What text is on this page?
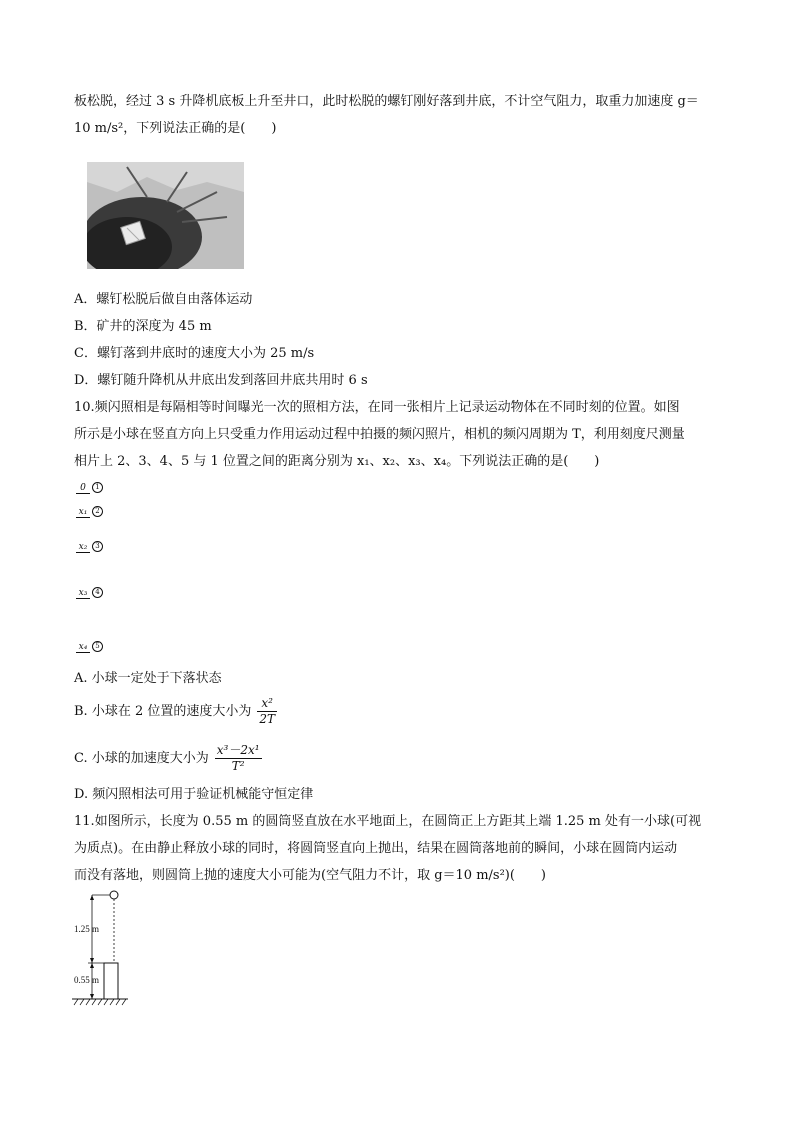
板松脱，经过 3 s 升降机底板上升至井口，此时松脱的螺钉刚好落到井底，不计空气阻力，取重力加速度 g＝
10 m/s²，下列说法正确的是(　　)
A．螺钉松脱后做自由落体运动
B．矿井的深度为 45 m
C．螺钉落到井底时的速度大小为 25 m/s
D．螺钉随升降机从井底出发到落回井底共用时 6 s
10.频闪照相是每隔相等时间曝光一次的照相方法，在同一张相片上记录运动物体在不同时刻的位置。如图
所示是小球在竖直方向上只受重力作用运动过程中拍摄的频闪照片，相机的频闪周期为 T，利用刻度尺测量
相片上 2、3、4、5 与 1 位置之间的距离分别为 x₁、x₂、x₃、x₄。下列说法正确的是(　　)
0 1
x₁ 2
x₂ 3
x₃ 4
x₄ 5
A. 小球一定处于下落状态
B. 小球在 2 位置的速度大小为 $\frac{\text{x²}}{2T}$
C. 小球的加速度大小为 $\frac{\text{x³－2x¹}}{\text{T²}}$
D. 频闪照相法可用于验证机械能守恒定律
11.如图所示，长度为 0.55 m 的圆筒竖直放在水平地面上，在圆筒正上方距其上端 1.25 m 处有一小球(可视
为质点)。在由静止释放小球的同时，将圆筒竖直向上抛出，结果在圆筒落地前的瞬间，小球在圆筒内运动
而没有落地，则圆筒上抛的速度大小可能为(空气阻力不计，取 g＝10 m/s²)(　　)
1.25 m
0.55 m
